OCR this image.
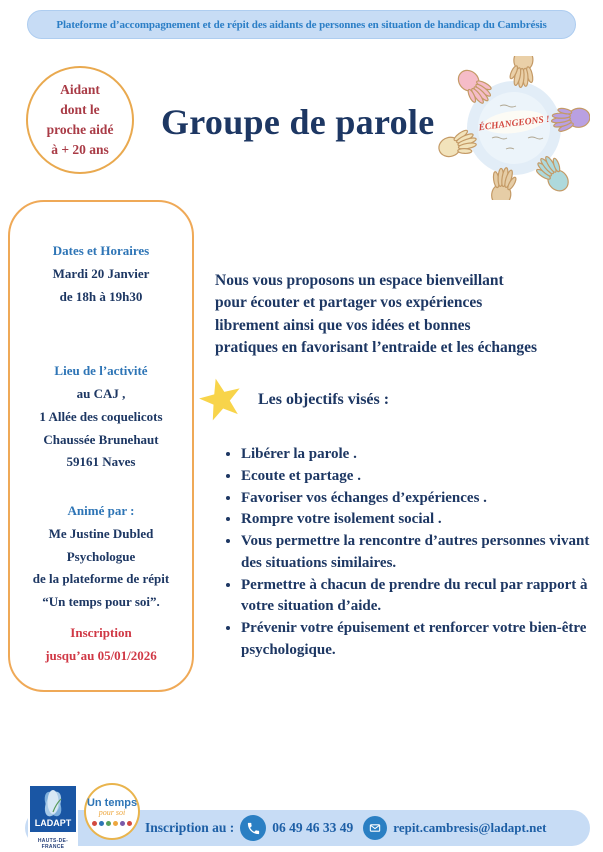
Plateforme d’accompagnement et de répit des aidants de personnes en situation de handicap du Cambrésis
Aidant
dont le
proche aidé
à + 20 ans
Groupe de parole	ÉCHANGEONS !
Dates et Horaires
Mardi 20 Janvier
de 18h à 19h30
Lieu de l’activité
au CAJ ,
1 Allée des coquelicots
Chaussée Brunehaut
59161 Naves
Animé par :
Me Justine Dubled
Psychologue
de la plateforme de répit
“Un temps pour soi”.
Inscription
jusqu’au 05/01/2026
Nous vous proposons un espace bienveillant
pour écouter et partager vos expériences
librement ainsi que vos idées et bonnes
pratiques en favorisant l’entraide et les échanges
Les objectifs visés :
• Libérer la parole .
• Ecoute et partage .
• Favoriser vos échanges d’expériences .
• Rompre votre isolement social .
• Vous permettre la rencontre d’autres personnes vivant des situations similaires.
• Permettre à chacun de prendre du recul par rapport à votre situation d’aide.
• Prévenir votre épuisement et renforcer votre bien-être psychologique.
LADAPT
HAUTS-DE-FRANCE
Un temps
pour soi
Inscription au :	06 49 46 33 49	repit.cambresis@ladapt.net
